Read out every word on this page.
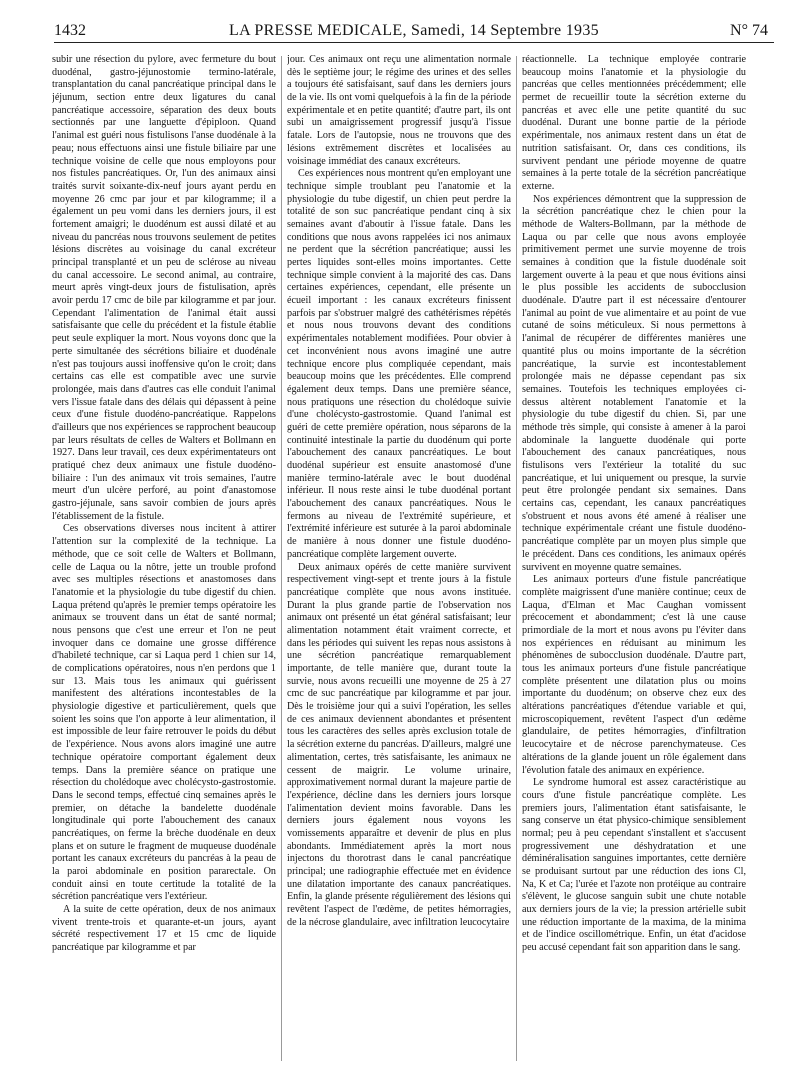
1432	LA PRESSE MEDICALE, Samedi, 14 Septembre 1935	N° 74

subir une résection du pylore, avec fermeture du bout duodénal, gastro-jéjunostomie termino-latérale, transplantation du canal pancréatique principal dans le jéjunum, section entre deux ligatures du canal pancréatique accessoire, séparation des deux bouts sectionnés par une languette d'épiploon. Quand l'animal est guéri nous fistulisons l'anse duodénale à la peau; nous effectuons ainsi une fistule biliaire par une technique voisine de celle que nous employons pour nos fistules pancréatiques. Or, l'un des animaux ainsi traités survit soixante-dix-neuf jours ayant perdu en moyenne 26 cmc par jour et par kilogramme; il a également un peu vomi dans les derniers jours, il est fortement amaigri; le duodénum est aussi dilaté et au niveau du pancréas nous trouvons seulement de petites lésions discrètes au voisinage du canal excréteur principal transplanté et un peu de sclérose au niveau du canal accessoire. Le second animal, au contraire, meurt après vingt-deux jours de fistulisation, après avoir perdu 17 cmc de bile par kilogramme et par jour. Cependant l'alimentation de l'animal était aussi satisfaisante que celle du précédent et la fistule établie peut seule expliquer la mort. Nous voyons donc que la perte simultanée des sécrétions biliaire et duodénale n'est pas toujours aussi inoffensive qu'on le croit; dans certains cas elle est compatible avec une survie prolongée, mais dans d'autres cas elle conduit l'animal vers l'issue fatale dans des délais qui dépassent à peine ceux d'une fistule duodéno-pancréatique. Rappelons d'ailleurs que nos expériences se rapprochent beaucoup par leurs résultats de celles de Walters et Bollmann en 1927. Dans leur travail, ces deux expérimentateurs ont pratiqué chez deux animaux une fistule duodéno-biliaire : l'un des animaux vit trois semaines, l'autre meurt d'un ulcère perforé, au point d'anastomose gastro-jéjunale, sans savoir combien de jours après l'établissement de la fistule.

Ces observations diverses nous incitent à attirer l'attention sur la complexité de la technique. La méthode, que ce soit celle de Walters et Bollmann, celle de Laqua ou la nôtre, jette un trouble profond avec ses multiples résections et anastomoses dans l'anatomie et la physiologie du tube digestif du chien. Laqua prétend qu'après le premier temps opératoire les animaux se trouvent dans un état de santé normal; nous pensons que c'est une erreur et l'on ne peut invoquer dans ce domaine une grosse différence d'habileté technique, car si Laqua perd 1 chien sur 14, de complications opératoires, nous n'en perdons que 1 sur 13. Mais tous les animaux qui guérissent manifestent des altérations incontestables de la physiologie digestive et particulièrement, quels que soient les soins que l'on apporte à leur alimentation, il est impossible de leur faire retrouver le poids du début de l'expérience. Nous avons alors imaginé une autre technique opératoire comportant également deux temps. Dans la première séance on pratique une résection du cholédoque avec cholécysto-gastrostomie. Dans le second temps, effectué cinq semaines après le premier, on détache la bandelette duodénale longitudinale qui porte l'abouchement des canaux pancréatiques, on ferme la brèche duodénale en deux plans et on suture le fragment de muqueuse duodénale portant les canaux excréteurs du pancréas à la peau de la paroi abdominale en position pararectale. On conduit ainsi en toute certitude la totalité de la sécrétion pancréatique vers l'extérieur.

A la suite de cette opération, deux de nos animaux vivent trente-trois et quarante-et-un jours, ayant sécrété respectivement 17 et 15 cmc de liquide pancréatique par kilogramme et par

jour. Ces animaux ont reçu une alimentation normale dès le septième jour; le régime des urines et des selles a toujours été satisfaisant, sauf dans les derniers jours de la vie. Ils ont vomi quelquefois à la fin de la période expérimentale et en petite quantité; d'autre part, ils ont subi un amaigrissement progressif jusqu'à l'issue fatale. Lors de l'autopsie, nous ne trouvons que des lésions extrêmement discrètes et localisées au voisinage immédiat des canaux excréteurs.

Ces expériences nous montrent qu'en employant une technique simple troublant peu l'anatomie et la physiologie du tube digestif, un chien peut perdre la totalité de son suc pancréatique pendant cinq à six semaines avant d'aboutir à l'issue fatale. Dans les conditions que nous avons rappelées ici nos animaux ne perdent que la sécrétion pancréatique; aussi les pertes liquides sont-elles moins importantes. Cette technique simple convient à la majorité des cas. Dans certaines expériences, cependant, elle présente un écueil important : les canaux excréteurs finissent parfois par s'obstruer malgré des cathétérismes répétés et nous nous trouvons devant des conditions expérimentales notablement modifiées. Pour obvier à cet inconvénient nous avons imaginé une autre technique encore plus compliquée cependant, mais beaucoup moins que les précédentes. Elle comprend également deux temps. Dans une première séance, nous pratiquons une résection du cholédoque suivie d'une cholécysto-gastrostomie. Quand l'animal est guéri de cette première opération, nous séparons de la continuité intestinale la partie du duodénum qui porte l'abouchement des canaux pancréatiques. Le bout duodénal supérieur est ensuite anastomosé d'une manière termino-latérale avec le bout duodénal inférieur. Il nous reste ainsi le tube duodénal portant l'abouchement des canaux pancréatiques. Nous le fermons au niveau de l'extrémité supérieure, et l'extrémité inférieure est suturée à la paroi abdominale de manière à nous donner une fistule duodéno-pancréatique complète largement ouverte.

Deux animaux opérés de cette manière survivent respectivement vingt-sept et trente jours à la fistule pancréatique complète que nous avons instituée. Durant la plus grande partie de l'observation nos animaux ont présenté un état général satisfaisant; leur alimentation notamment était vraiment correcte, et dans les périodes qui suivent les repas nous assistons à une sécrétion pancréatique remarquablement importante, de telle manière que, durant toute la survie, nous avons recueilli une moyenne de 25 à 27 cmc de suc pancréatique par kilogramme et par jour. Dès le troisième jour qui a suivi l'opération, les selles de ces animaux deviennent abondantes et présentent tous les caractères des selles après exclusion totale de la sécrétion externe du pancréas. D'ailleurs, malgré une alimentation, certes, très satisfaisante, les animaux ne cessent de maigrir. Le volume urinaire, approximativement normal durant la majeure partie de l'expérience, décline dans les derniers jours lorsque l'alimentation devient moins favorable. Dans les derniers jours également nous voyons les vomissements apparaître et devenir de plus en plus abondants. Immédiatement après la mort nous injectons du thorotrast dans le canal pancréatique principal; une radiographie effectuée met en évidence une dilatation importante des canaux pancréatiques. Enfin, la glande présente régulièrement des lésions qui revêtent l'aspect de l'œdème, de petites hémorragies, de la nécrose glandulaire, avec infiltration leucocytaire

réactionnelle. La technique employée contrarie beaucoup moins l'anatomie et la physiologie du pancréas que celles mentionnées précédemment; elle permet de recueillir toute la sécrétion externe du pancréas et avec elle une petite quantité du suc duodénal. Durant une bonne partie de la période expérimentale, nos animaux restent dans un état de nutrition satisfaisant. Or, dans ces conditions, ils survivent pendant une période moyenne de quatre semaines à la perte totale de la sécrétion pancréatique externe.

Nos expériences démontrent que la suppression de la sécrétion pancréatique chez le chien pour la méthode de Walters-Bollmann, par la méthode de Laqua ou par celle que nous avons employée primitivement permet une survie moyenne de trois semaines à condition que la fistule duodénale soit largement ouverte à la peau et que nous évitions ainsi le plus possible les accidents de subocclusion duodénale. D'autre part il est nécessaire d'entourer l'animal au point de vue alimentaire et au point de vue cutané de soins méticuleux. Si nous permettons à l'animal de récupérer de différentes manières une quantité plus ou moins importante de la sécrétion pancréatique, la survie est incontestablement prolongée mais ne dépasse cependant pas six semaines. Toutefois les techniques employées ci-dessus altèrent notablement l'anatomie et la physiologie du tube digestif du chien. Si, par une méthode très simple, qui consiste à amener à la paroi abdominale la languette duodénale qui porte l'abouchement des canaux pancréatiques, nous fistulisons vers l'extérieur la totalité du suc pancréatique, et lui uniquement ou presque, la survie peut être prolongée pendant six semaines. Dans certains cas, cependant, les canaux pancréatiques s'obstruent et nous avons été amené à réaliser une technique expérimentale créant une fistule duodéno-pancréatique complète par un moyen plus simple que le précédent. Dans ces conditions, les animaux opérés survivent en moyenne quatre semaines.

Les animaux porteurs d'une fistule pancréatique complète maigrissent d'une manière continue; ceux de Laqua, d'Elman et Mac Caughan vomissent précocement et abondamment; c'est là une cause primordiale de la mort et nous avons pu l'éviter dans nos expériences en réduisant au minimum les phénomènes de subocclusion duodénale. D'autre part, tous les animaux porteurs d'une fistule pancréatique complète présentent une dilatation plus ou moins importante du duodénum; on observe chez eux des altérations pancréatiques d'étendue variable et qui, microscopiquement, revêtent l'aspect d'un œdème glandulaire, de petites hémorragies, d'infiltration leucocytaire et de nécrose parenchymateuse. Ces altérations de la glande jouent un rôle également dans l'évolution fatale des animaux en expérience.

Le syndrome humoral est assez caractéristique au cours d'une fistule pancréatique complète. Les premiers jours, l'alimentation étant satisfaisante, le sang conserve un état physico-chimique sensiblement normal; peu à peu cependant s'installent et s'accusent progressivement une déshydratation et une déminéralisation sanguines importantes, cette dernière se produisant surtout par une réduction des ions Cl, Na, K et Ca; l'urée et l'azote non protéique au contraire s'élèvent, le glucose sanguin subit une chute notable aux derniers jours de la vie; la pression artérielle subit une réduction importante de la maxima, de la minima et de l'indice oscillométrique. Enfin, un état d'acidose peu accusé cependant fait son apparition dans le sang.
